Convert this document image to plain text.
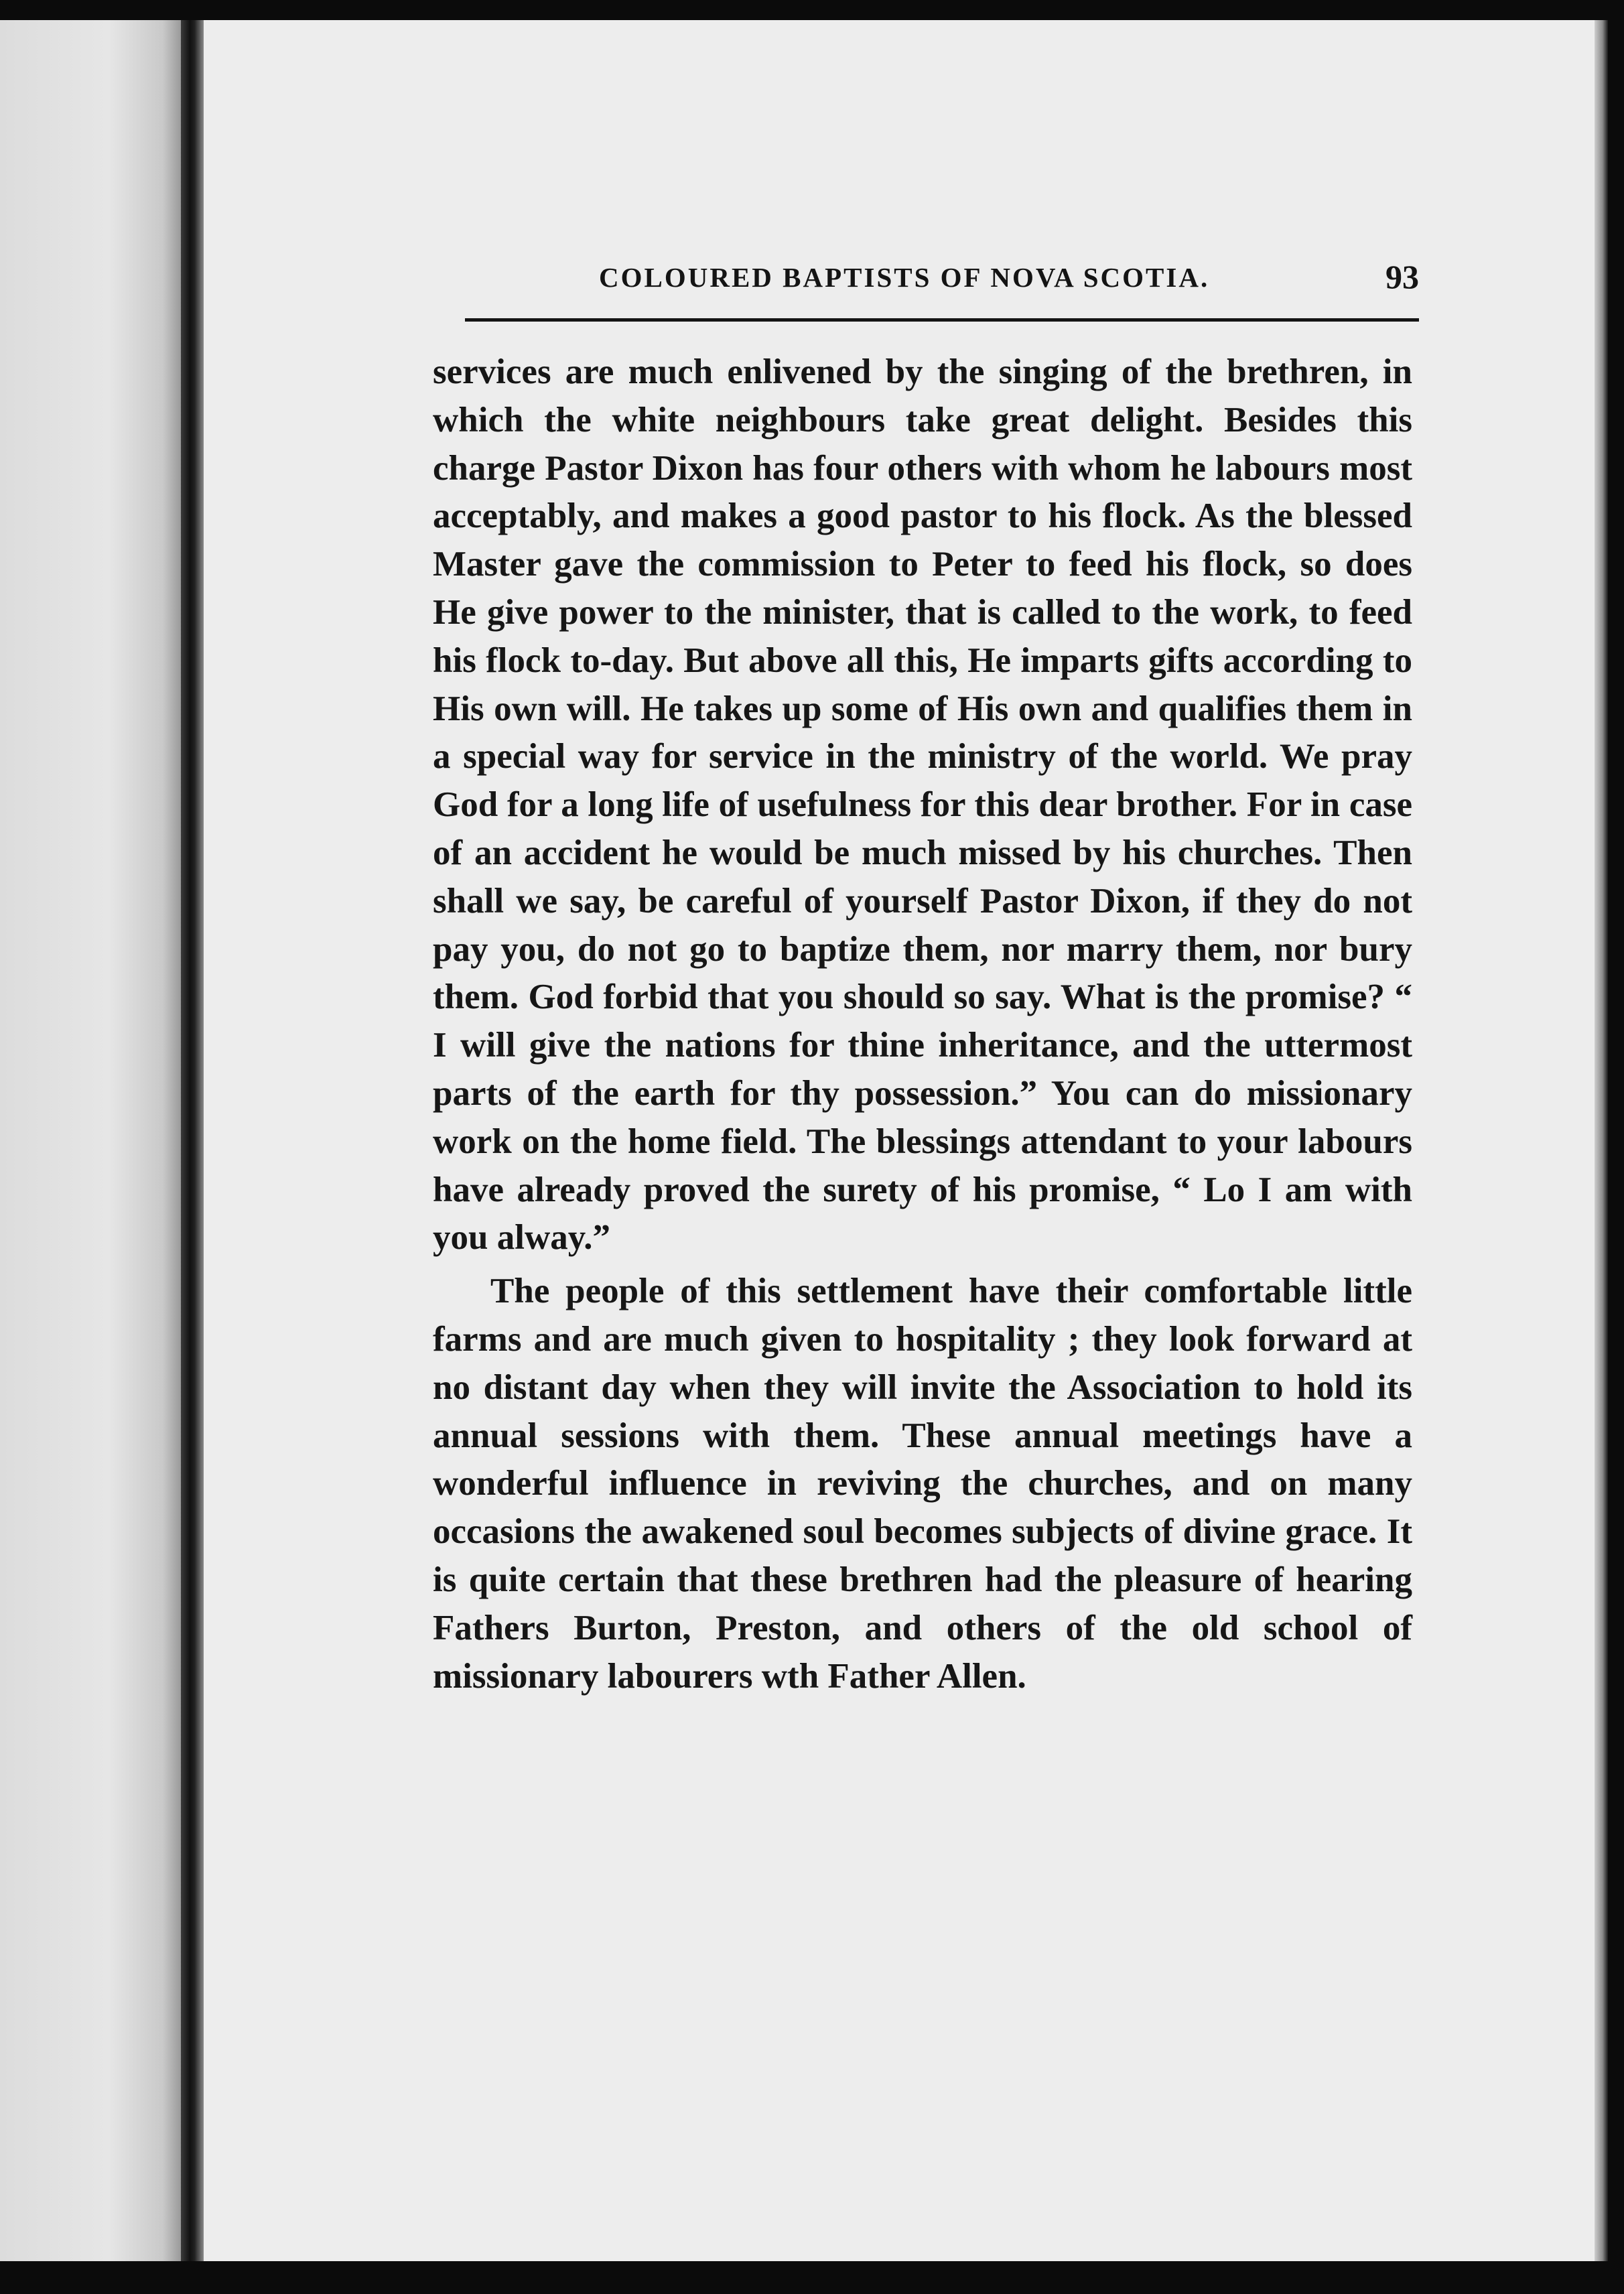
COLOURED BAPTISTS OF NOVA SCOTIA.	93

services are much enlivened by the singing of the brethren, in which the white neighbours take great delight. Besides this charge Pastor Dixon has four others with whom he labours most acceptably, and makes a good pastor to his flock. As the blessed Master gave the commission to Peter to feed his flock, so does He give power to the minister, that is called to the work, to feed his flock to-day. But above all this, He imparts gifts according to His own will. He takes up some of His own and qualifies them in a special way for service in the ministry of the world. We pray God for a long life of usefulness for this dear brother. For in case of an accident he would be much missed by his churches. Then shall we say, be careful of yourself Pastor Dixon, if they do not pay you, do not go to baptize them, nor marry them, nor bury them. God forbid that you should so say. What is the promise? “ I will give the nations for thine inheritance, and the uttermost parts of the earth for thy possession.” You can do missionary work on the home field. The blessings attendant to your labours have already proved the surety of his promise, “ Lo I am with you alway.”

The people of this settlement have their comfortable little farms and are much given to hospitality ; they look forward at no distant day when they will invite the Association to hold its annual sessions with them. These annual meetings have a wonderful influence in reviving the churches, and on many occasions the awakened soul becomes subjects of divine grace. It is quite certain that these brethren had the pleasure of hearing Fathers Burton, Preston, and others of the old school of missionary labourers wth Father Allen.
